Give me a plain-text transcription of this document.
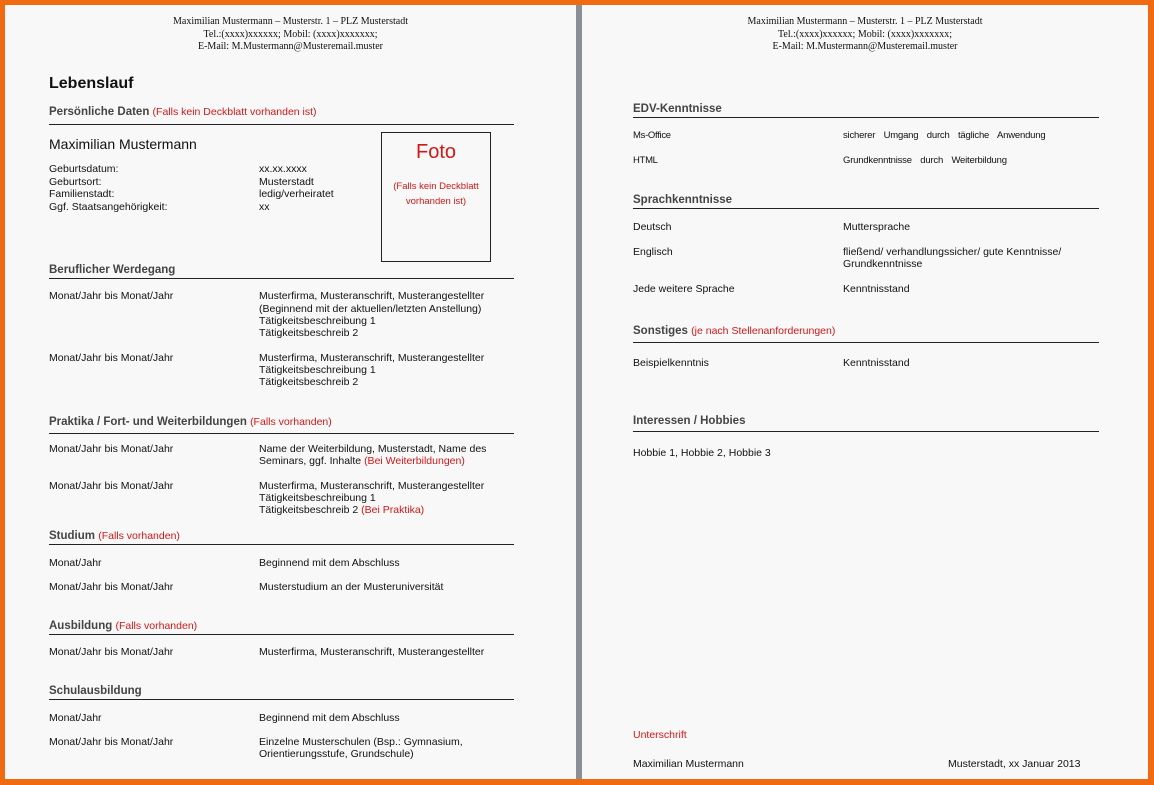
Maximilian Mustermann – Musterstr. 1 – PLZ Musterstadt
Tel.:(xxxx)xxxxxx; Mobil: (xxxx)xxxxxxx;
E-Mail: M.Mustermann@Musteremail.muster
Lebenslauf
Persönliche Daten (Falls kein Deckblatt vorhanden ist)
Maximilian Mustermann
Geburtsdatum:	xx.xx.xxxx
Geburtsort:	Musterstadt
Familienstadt:	ledig/verheiratet
Ggf. Staatsangehörigkeit:	xx
Foto
(Falls kein Deckblatt
vorhanden ist)
Beruflicher Werdegang
Monat/Jahr bis Monat/Jahr	Musterfirma, Musteranschrift, Musterangestellter
(Beginnend mit der aktuellen/letzten Anstellung)
Tätigkeitsbeschreibung 1
Tätigkeitsbeschreib 2
Monat/Jahr bis Monat/Jahr	Musterfirma, Musteranschrift, Musterangestellter
Tätigkeitsbeschreibung 1
Tätigkeitsbeschreib 2
Praktika / Fort- und Weiterbildungen (Falls vorhanden)
Monat/Jahr bis Monat/Jahr	Name der Weiterbildung, Musterstadt, Name des
Seminars, ggf. Inhalte (Bei Weiterbildungen)
Monat/Jahr bis Monat/Jahr	Musterfirma, Musteranschrift, Musterangestellter
Tätigkeitsbeschreibung 1
Tätigkeitsbeschreib 2 (Bei Praktika)
Studium (Falls vorhanden)
Monat/Jahr	Beginnend mit dem Abschluss
Monat/Jahr bis Monat/Jahr	Musterstudium an der Musteruniversität
Ausbildung (Falls vorhanden)
Monat/Jahr bis Monat/Jahr	Musterfirma, Musteranschrift, Musterangestellter
Schulausbildung
Monat/Jahr	Beginnend mit dem Abschluss
Monat/Jahr bis Monat/Jahr	Einzelne Musterschulen (Bsp.: Gymnasium,
Orientierungsstufe, Grundschule)
Maximilian Mustermann – Musterstr. 1 – PLZ Musterstadt
Tel.:(xxxx)xxxxxx; Mobil: (xxxx)xxxxxxx;
E-Mail: M.Mustermann@Musteremail.muster
EDV-Kenntnisse
Ms-Office	sicherer Umgang durch tägliche Anwendung
HTML	Grundkenntnisse durch Weiterbildung
Sprachkenntnisse
Deutsch	Muttersprache
Englisch	fließend/ verhandlungssicher/ gute Kenntnisse/
Grundkenntnisse
Jede weitere Sprache	Kenntnisstand
Sonstiges (je nach Stellenanforderungen)
Beispielkenntnis	Kenntnisstand
Interessen / Hobbies
Hobbie 1, Hobbie 2, Hobbie 3
Unterschrift
Maximilian Mustermann	Musterstadt, xx Januar 2013
